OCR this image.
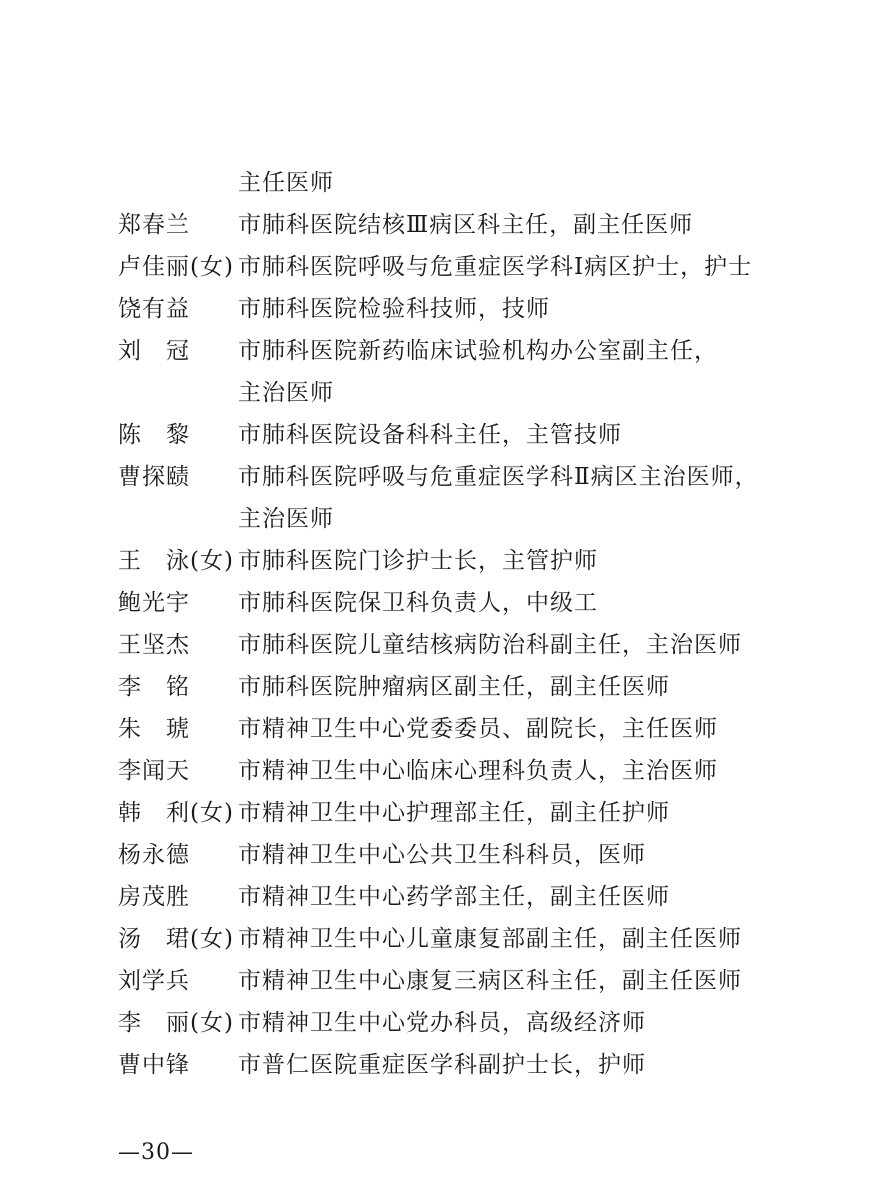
主任医师
郑春兰	市肺科医院结核Ⅲ病区科主任，副主任医师
卢佳丽(女) 市肺科医院呼吸与危重症医学科Ⅰ病区护士，护士
饶有益	市肺科医院检验科技师，技师
刘　冠	市肺科医院新药临床试验机构办公室副主任，
主治医师
陈　黎	市肺科医院设备科科主任，主管技师
曹探赜	市肺科医院呼吸与危重症医学科Ⅱ病区主治医师，
主治医师
王　泳(女) 市肺科医院门诊护士长，主管护师
鲍光宇	市肺科医院保卫科负责人，中级工
王坚杰	市肺科医院儿童结核病防治科副主任，主治医师
李　铭	市肺科医院肿瘤病区副主任，副主任医师
朱　琥	市精神卫生中心党委委员、副院长，主任医师
李闻天	市精神卫生中心临床心理科负责人，主治医师
韩　利(女) 市精神卫生中心护理部主任，副主任护师
杨永德	市精神卫生中心公共卫生科科员，医师
房茂胜	市精神卫生中心药学部主任，副主任医师
汤　珺(女) 市精神卫生中心儿童康复部副主任，副主任医师
刘学兵	市精神卫生中心康复三病区科主任，副主任医师
李　丽(女) 市精神卫生中心党办科员，高级经济师
曹中锋	市普仁医院重症医学科副护士长，护师
—30—
